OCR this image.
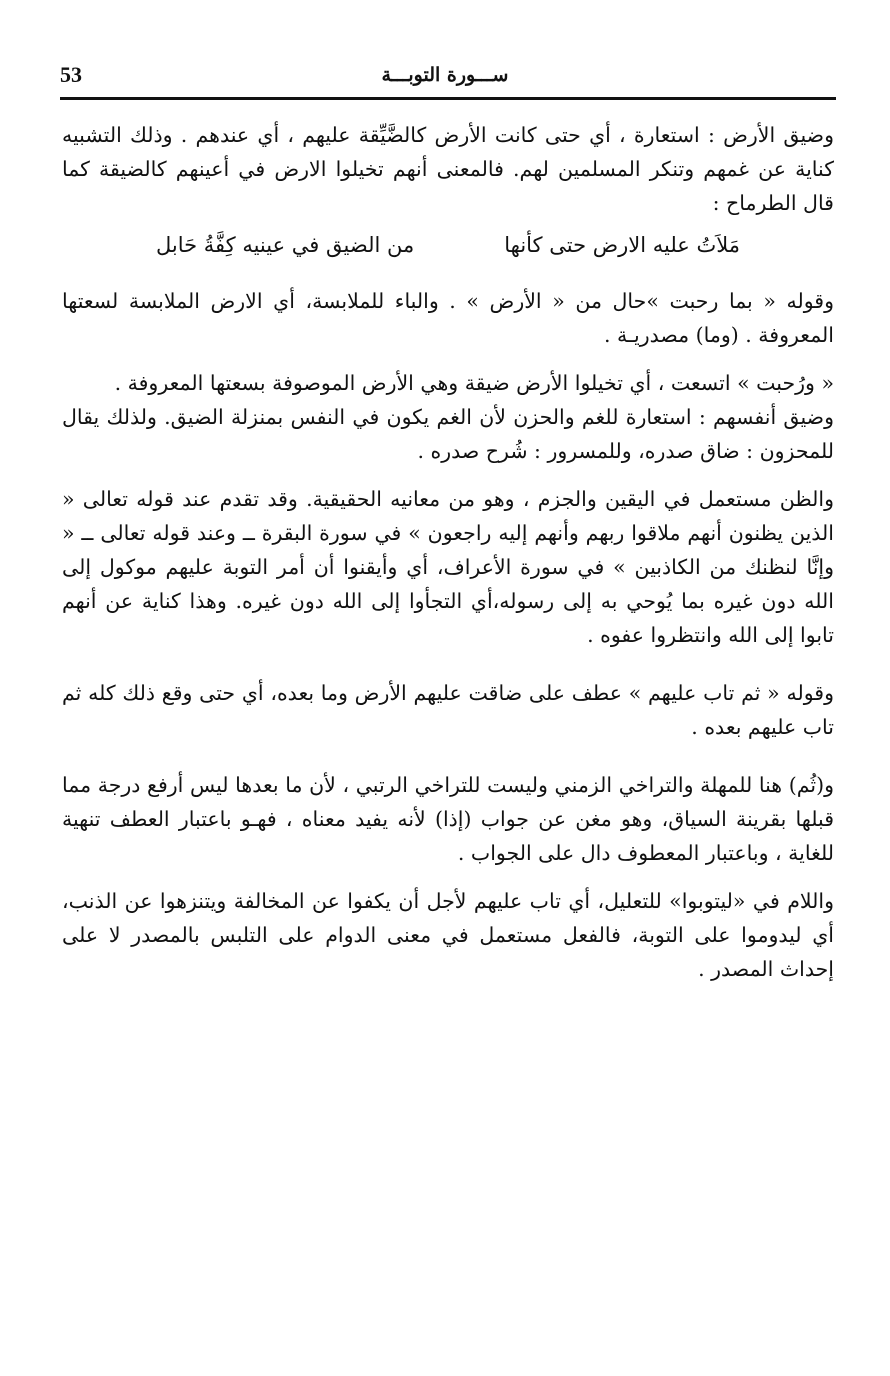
53	ســـورة التوبـــة

وضيق الأرض : استعارة ، أي حتى كانت الأرض كالضَّيِّقة عليهم ، أي عندهم . وذلك التشبيه كناية عن غمهم وتنكر المسلمين لهم. فالمعنى أنهم تخيلوا الارض في أعينهم كالضيقة كما قال الطرماح :

مَلاَتُ عليه الارض حتى كأنها
من الضيق في عينيه كِفَّةُ حَابل

وقوله « بما رحبت »حال من « الأرض » . والباء للملابسة، أي الارض الملابسة لسعتها المعروفة . (وما) مصدريـة .

« ورُحبت » اتسعت ، أي تخيلوا الأرض ضيقة وهي الأرض الموصوفة بسعتها المعروفة .

وضيق أنفسهم : استعارة للغم والحزن لأن الغم يكون في النفس بمنزلة الضيق. ولذلك يقال للمحزون : ضاق صدره، وللمسرور : شُرح صدره .

والظن مستعمل في اليقين والجزم ، وهو من معانيه الحقيقية. وقد تقدم عند قوله تعالى « الذين يظنون أنهم ملاقوا ربهم وأنهم إليه راجعون » في سورة البقرة ــ وعند قوله تعالى ــ « وإنَّا لنظنك من الكاذبين » في سورة الأعراف، أي وأيقنوا أن أمر التوبة عليهم موكول إلى الله دون غيره بما يُوحي به إلى رسوله،أي التجأوا إلى الله دون غيره. وهذا كناية عن أنهم تابوا إلى الله وانتظروا عفوه .

وقوله « ثم تاب عليهم » عطف على ضاقت عليهم الأرض وما بعده، أي حتى وقع ذلك كله ثم تاب عليهم بعده .

و(ثُم) هنا للمهلة والتراخي الزمني وليست للتراخي الرتبي ، لأن ما بعدها ليس أرفع درجة مما قبلها بقرينة السياق، وهو مغن عن جواب (إذا) لأنه يفيد معناه ، فهـو باعتبار العطف تنهية للغاية ، وباعتبار المعطوف دال على الجواب .

واللام في «ليتوبوا» للتعليل، أي تاب عليهم لأجل أن يكفوا عن المخالفة ويتنزهوا عن الذنب، أي ليدوموا على التوبة، فالفعل مستعمل في معنى الدوام على التلبس بالمصدر لا على إحداث المصدر .
